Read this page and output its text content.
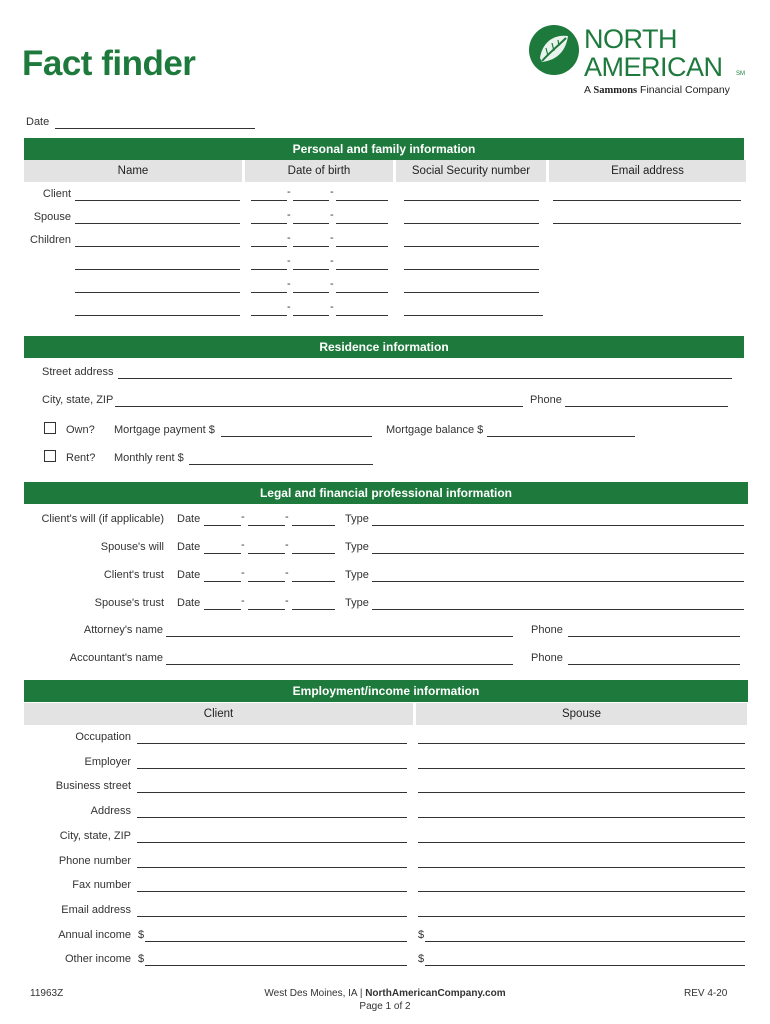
Fact finder
NORTH
AMERICAN SM
A Sammons Financial Company
Date
Personal and family information
Name	Date of birth	Social Security number	Email address
Client	-	-
Spouse	-	-
Children	-	-
-	-
-	-
-	-
Residence information
Street address
City, state, ZIP	Phone
Own? Mortgage payment $	Mortgage balance $
Rent? Monthly rent $
Legal and financial professional information
Client's will (if applicable) Date	-	-	Type
Spouse's will Date	-	-	Type
Client's trust Date	-	-	Type
Spouse's trust Date	-	-	Type
Attorney's name	Phone
Accountant's name	Phone
Employment/income information
Client	Spouse
Occupation
Employer
Business street
Address
City, state, ZIP
Phone number
Fax number
Email address
Annual income $	$
Other income $	$
11963Z	West Des Moines, IA | NorthAmericanCompany.com
Page 1 of 2
REV 4-20
